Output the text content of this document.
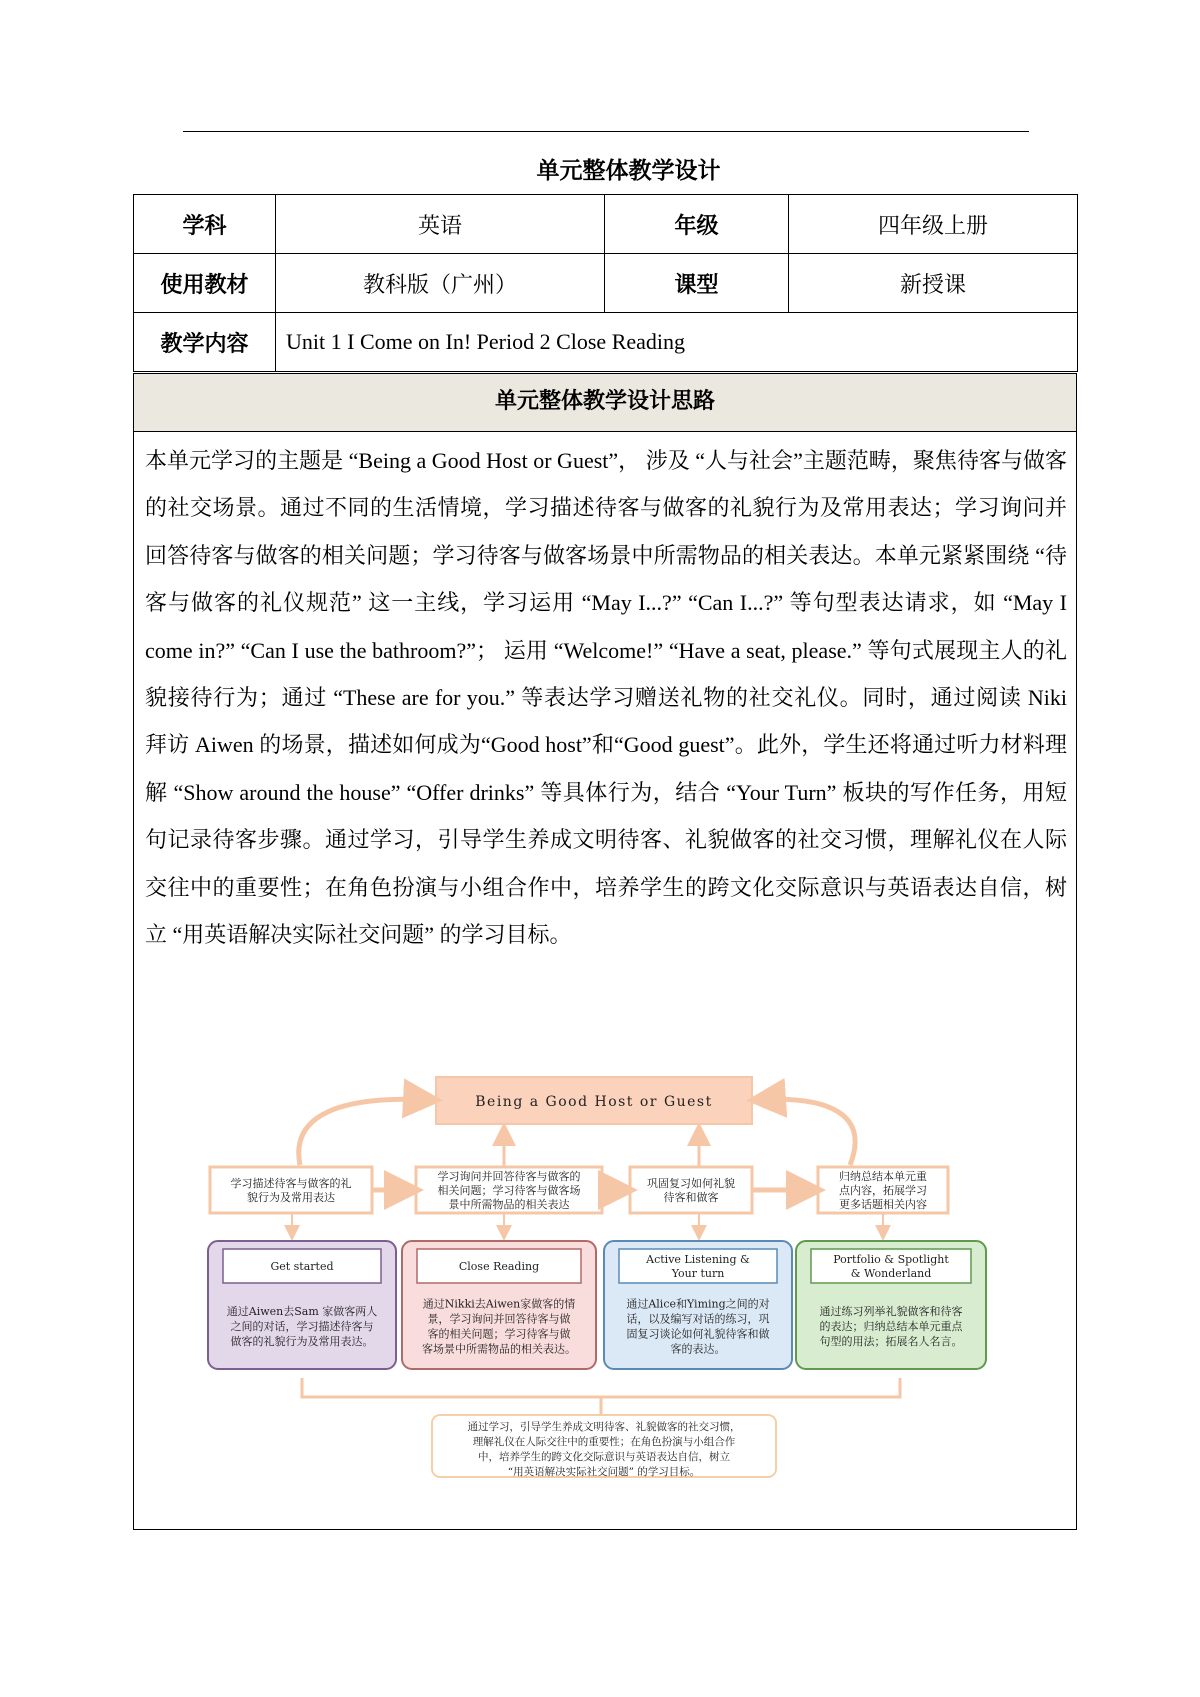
单元整体教学设计
学科	英语	年级	四年级上册
使用教材	教科版（广州）	课型	新授课
教学内容	Unit 1 I Come on In! Period 2 Close Reading		
单元整体教学设计思路
本单元学习的主题是 “Being a Good Host or Guest”， 涉及 “人与社会”主题范畴，聚焦待客与做客的社交场景。通过不同的生活情境，学习描述待客与做客的礼貌行为及常用表达；学习询问并回答待客与做客的相关问题；学习待客与做客场景中所需物品的相关表达。本单元紧紧围绕 “待客与做客的礼仪规范” 这一主线，学习运用 “May I...?” “Can I...?” 等句型表达请求，如 “May I come in?” “Can I use the bathroom?”； 运用 “Welcome!” “Have a seat, please.” 等句式展现主人的礼貌接待行为；通过 “These are for you.” 等表达学习赠送礼物的社交礼仪。同时，通过阅读 Niki 拜访 Aiwen 的场景，描述如何成为“Good host”和“Good guest”。此外，学生还将通过听力材料理解 “Show around the house” “Offer drinks” 等具体行为，结合 “Your Turn” 板块的写作任务，用短句记录待客步骤。通过学习，引导学生养成文明待客、礼貌做客的社交习惯，理解礼仪在人际交往中的重要性；在角色扮演与小组合作中，培养学生的跨文化交际意识与英语表达自信，树立 “用英语解决实际社交问题” 的学习目标。
Being a Good Host or Guest
学习描述待客与做客的礼
貌行为及常用表达
学习询问并回答待客与做客的
相关问题；学习待客与做客场
景中所需物品的相关表达
巩固复习如何礼貌
待客和做客
归纳总结本单元重
点内容，拓展学习
更多话题相关内容
Get started
通过Aiwen去Sam 家做客两人
之间的对话，学习描述待客与
做客的礼貌行为及常用表达。
Close Reading
通过Nikki去Aiwen家做客的情
景，学习询问并回答待客与做
客的相关问题；学习待客与做
客场景中所需物品的相关表达。
Active Listening &
Your turn
通过Alice和Yiming之间的对
话，以及编写对话的练习，巩
固复习谈论如何礼貌待客和做
客的表达。
Portfolio & Spotlight
& Wonderland
通过练习列举礼貌做客和待客
的表达；归纳总结本单元重点
句型的用法；拓展名人名言。
通过学习，引导学生养成文明待客、礼貌做客的社交习惯，
理解礼仪在人际交往中的重要性；在角色扮演与小组合作
中，培养学生的跨文化交际意识与英语表达自信，树立
“用英语解决实际社交问题” 的学习目标。
